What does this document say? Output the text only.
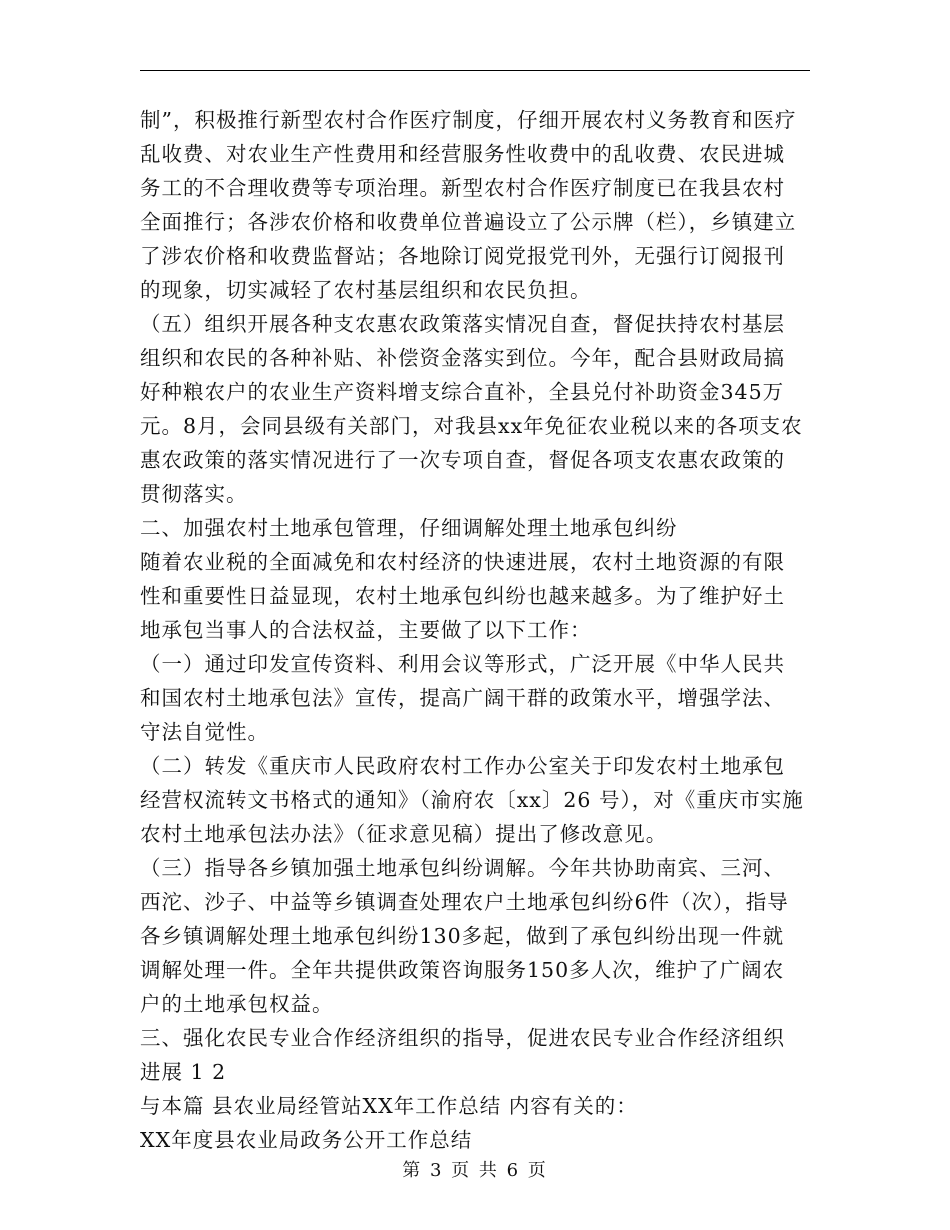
制”，积极推行新型农村合作医疗制度，仔细开展农村义务教育和医疗乱收费、对农业生产性费用和经营服务性收费中的乱收费、农民进城务工的不合理收费等专项治理。新型农村合作医疗制度已在我县农村全面推行；各涉农价格和收费单位普遍设立了公示牌（栏），乡镇建立了涉农价格和收费监督站；各地除订阅党报党刊外，无强行订阅报刊的现象，切实减轻了农村基层组织和农民负担。

（五）组织开展各种支农惠农政策落实情况自查，督促扶持农村基层组织和农民的各种补贴、补偿资金落实到位。今年，配合县财政局搞好种粮农户的农业生产资料增支综合直补，全县兑付补助资金345万元。8月，会同县级有关部门，对我县xx年免征农业税以来的各项支农惠农政策的落实情况进行了一次专项自查，督促各项支农惠农政策的贯彻落实。

二、加强农村土地承包管理，仔细调解处理土地承包纠纷

随着农业税的全面减免和农村经济的快速进展，农村土地资源的有限性和重要性日益显现，农村土地承包纠纷也越来越多。为了维护好土地承包当事人的合法权益，主要做了以下工作：

（一）通过印发宣传资料、利用会议等形式，广泛开展《中华人民共和国农村土地承包法》宣传，提高广阔干群的政策水平，增强学法、守法自觉性。

（二）转发《重庆市人民政府农村工作办公室关于印发农村土地承包经营权流转文书格式的通知》（渝府农〔xx〕26 号），对《重庆市实施农村土地承包法办法》（征求意见稿）提出了修改意见。

（三）指导各乡镇加强土地承包纠纷调解。今年共协助南宾、三河、西沱、沙子、中益等乡镇调查处理农户土地承包纠纷6件（次），指导各乡镇调解处理土地承包纠纷130多起，做到了承包纠纷出现一件就调解处理一件。全年共提供政策咨询服务150多人次，维护了广阔农户的土地承包权益。

三、强化农民专业合作经济组织的指导，促进农民专业合作经济组织进展 1 2

与本篇 县农业局经管站XX年工作总结 内容有关的：

XX年度县农业局政务公开工作总结

第 3 页 共 6 页
